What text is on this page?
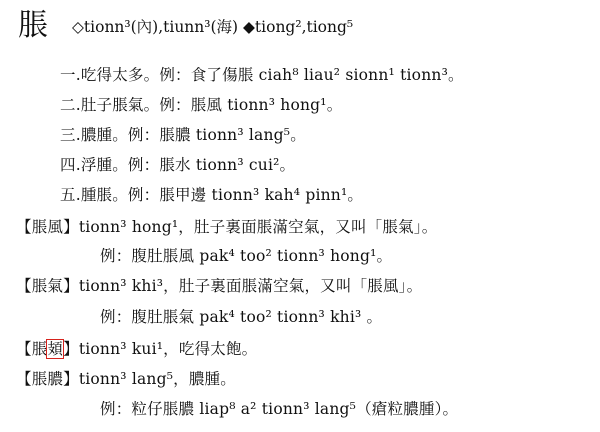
脹 ◇tionn³(內),tiunn³(海) ◆tiong²,tiong⁵
一.吃得太多。例：食了傷脹 ciah⁸ liau² sionn¹ tionn³。
二.肚子脹氣。例：脹風 tionn³ hong¹。
三.膿腫。例：脹膿 tionn³ lang⁵。
四.浮腫。例：脹水 tionn³ cui²。
五.腫脹。例：脹甲邊 tionn³ kah⁴ pinn¹。
【脹風】tionn³ hong¹，肚子裏面脹滿空氣，又叫「脹氣」。
例：腹肚脹風 pak⁴ too² tionn³ hong¹。
【脹氣】tionn³ khi³，肚子裏面脹滿空氣，又叫「脹風」。
例：腹肚脹氣 pak⁴ too² tionn³ khi³ 。
【脹頍】tionn³ kui¹，吃得太飽。
【脹膿】tionn³ lang⁵，膿腫。
例：粒仔脹膿 liap⁸ a² tionn³ lang⁵（瘡粒膿腫）。
